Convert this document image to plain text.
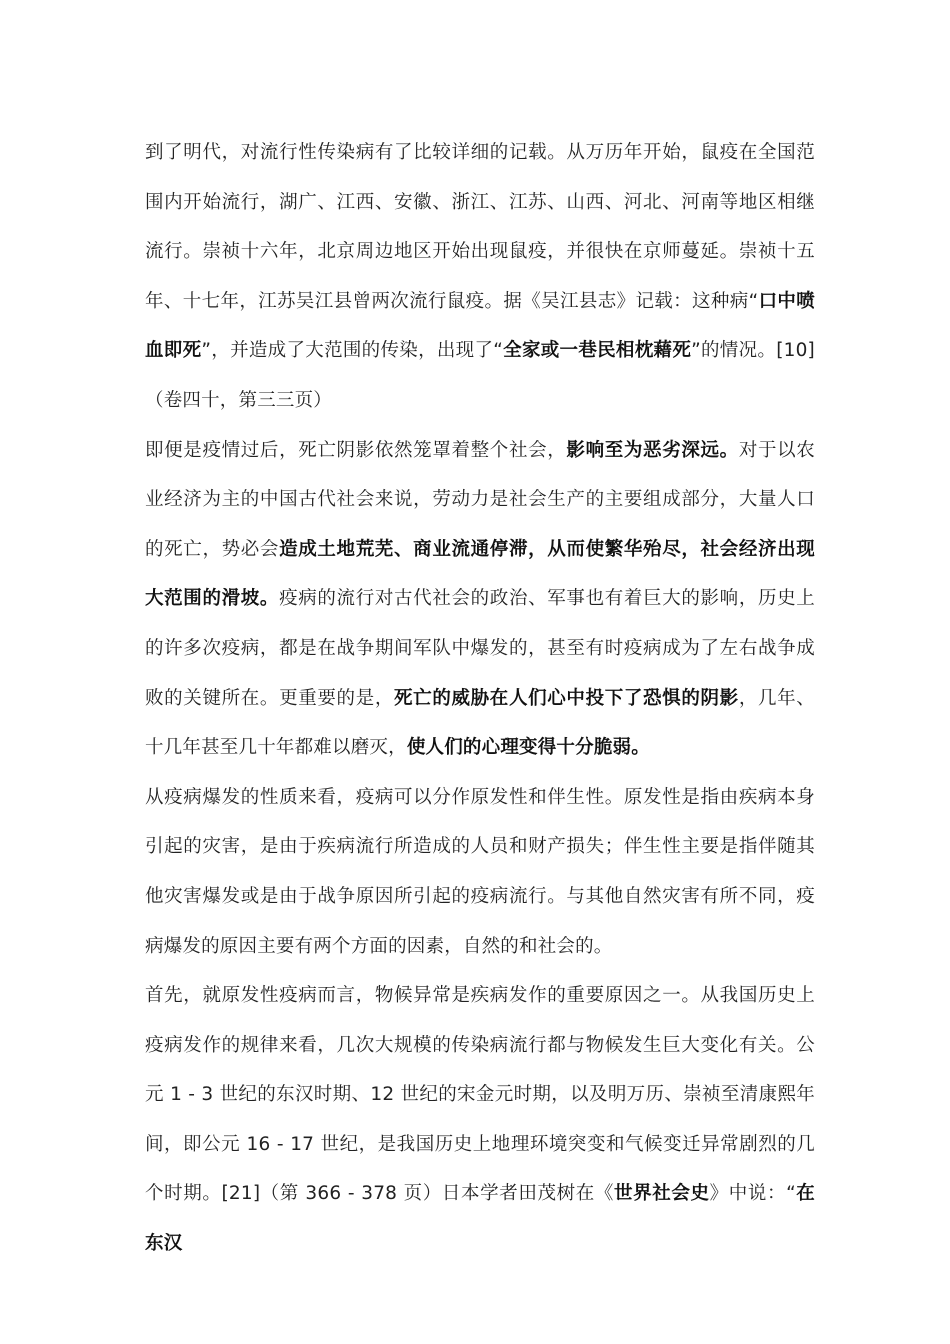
到了明代，对流行性传染病有了比较详细的记载。从万历年开始，鼠疫在全国范围内开始流行，湖广、江西、安徽、浙江、江苏、山西、河北、河南等地区相继流行。崇祯十六年，北京周边地区开始出现鼠疫，并很快在京师蔓延。崇祯十五年、十七年，江苏吴江县曾两次流行鼠疫。据《吴江县志》记载：这种病“口中喷血即死”，并造成了大范围的传染，出现了“全家或一巷民相枕藉死”的情况。[10]（卷四十，第三三页）

即便是疫情过后，死亡阴影依然笼罩着整个社会，影响至为恶劣深远。对于以农业经济为主的中国古代社会来说，劳动力是社会生产的主要组成部分，大量人口的死亡，势必会造成土地荒芜、商业流通停滞，从而使繁华殆尽，社会经济出现大范围的滑坡。疫病的流行对古代社会的政治、军事也有着巨大的影响，历史上的许多次疫病，都是在战争期间军队中爆发的，甚至有时疫病成为了左右战争成败的关键所在。更重要的是，死亡的威胁在人们心中投下了恐惧的阴影，几年、十几年甚至几十年都难以磨灭，使人们的心理变得十分脆弱。

从疫病爆发的性质来看，疫病可以分作原发性和伴生性。原发性是指由疾病本身引起的灾害，是由于疾病流行所造成的人员和财产损失；伴生性主要是指伴随其他灾害爆发或是由于战争原因所引起的疫病流行。与其他自然灾害有所不同，疫病爆发的原因主要有两个方面的因素，自然的和社会的。

首先，就原发性疫病而言，物候异常是疾病发作的重要原因之一。从我国历史上疫病发作的规律来看，几次大规模的传染病流行都与物候发生巨大变化有关。公元 1 - 3 世纪的东汉时期、12 世纪的宋金元时期，以及明万历、崇祯至清康熙年间，即公元 16 - 17 世纪，是我国历史上地理环境突变和气候变迁异常剧烈的几个时期。[21]（第 366 - 378 页）日本学者田茂树在《世界社会史》中说：“在东汉
